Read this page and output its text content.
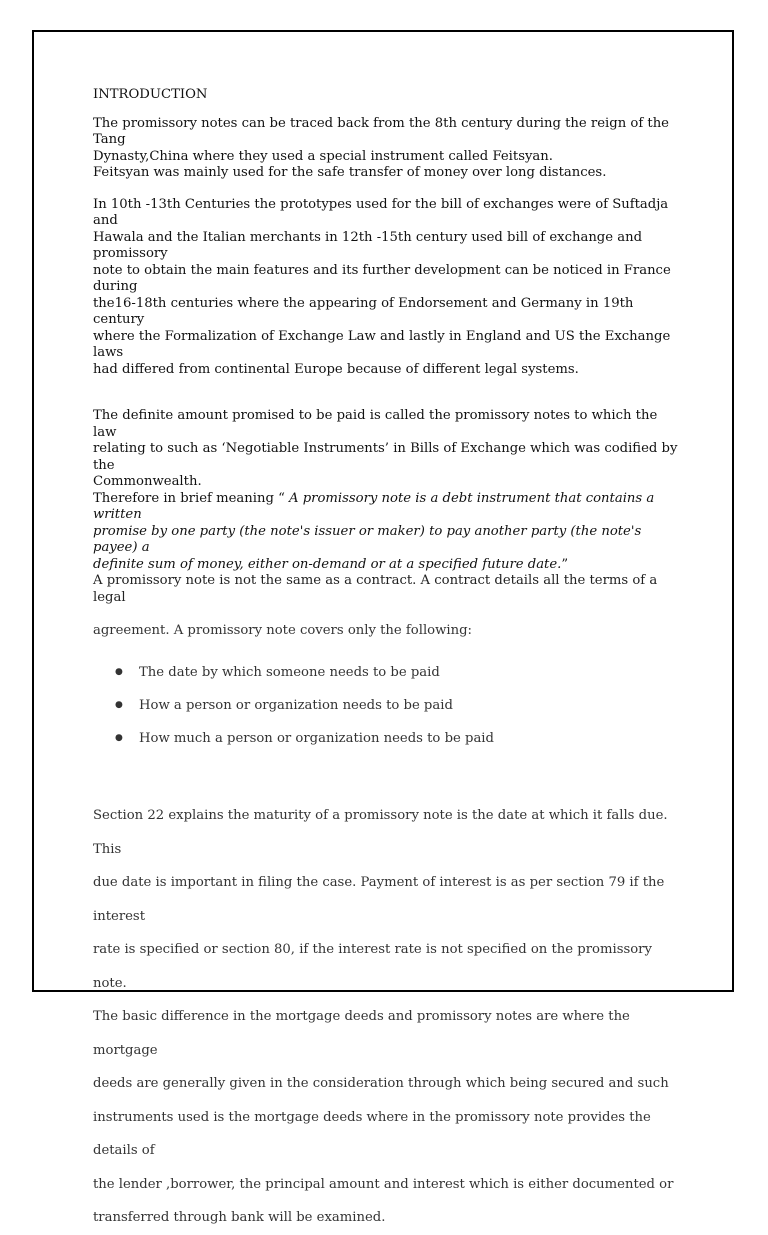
INTRODUCTION

The promissory notes can be traced back from the 8th century during the reign of the Tang
Dynasty,China where they used a special instrument called Feitsyan.
Feitsyan was mainly used for the safe transfer of money over long distances.
In 10th -13th Centuries the prototypes used for the bill of exchanges were of Suftadja and
Hawala and the Italian merchants in 12th -15th century used bill of exchange and promissory
note to obtain the main features and its further development can be noticed in France during
the16-18th centuries where the appearing of Endorsement and Germany in 19th century
where the Formalization of Exchange Law and lastly in England and US the Exchange laws
had differed from continental Europe because of different legal systems.
The definite amount promised to be paid is called the promissory notes to which the law
relating to such as ‘Negotiable Instruments’ in Bills of Exchange which was codified by the
Commonwealth.
Therefore in brief meaning “ A promissory note is a debt instrument that contains a written
promise by one party (the note's issuer or maker) to pay another party (the note's payee) a
definite sum of money, either on-demand or at a specified future date.”
A promissory note is not the same as a contract. A contract details all the terms of a legal
agreement. A promissory note covers only the following:
● The date by which someone needs to be paid
● How a person or organization needs to be paid
● How much a person or organization needs to be paid
Section 22 explains the maturity of a promissory note is the date at which it falls due. This
due date is important in filing the case. Payment of interest is as per section 79 if the interest
rate is specified or section 80, if the interest rate is not specified on the promissory note.
The basic difference in the mortgage deeds and promissory notes are where the mortgage
deeds are generally given in the consideration through which being secured and such
instruments used is the mortgage deeds where in the promissory note provides the details of
the lender ,borrower, the principal amount and interest which is either documented or
transferred through bank will be examined.
